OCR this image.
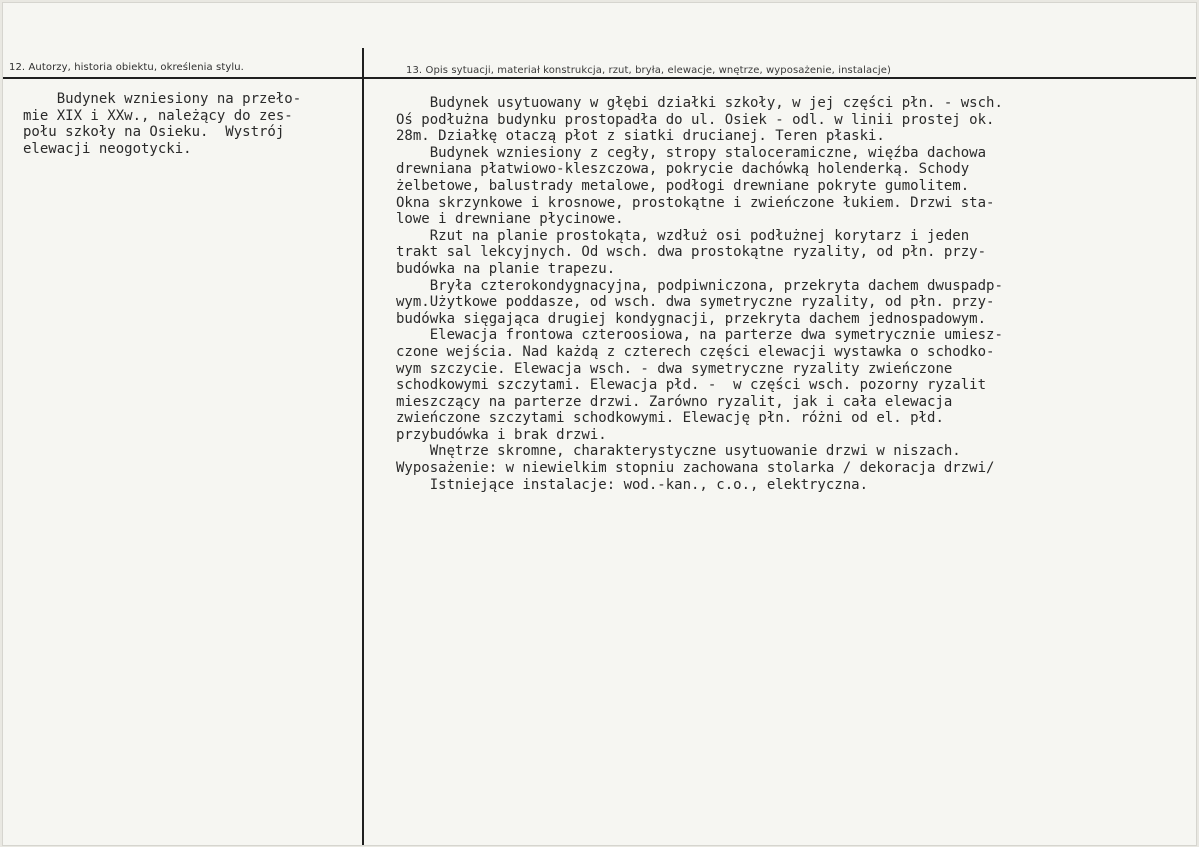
12. Autorzy, historia obiektu, określenia stylu.	13. Opis sytuacji, materiał konstrukcja, rzut, bryła, elewacje, wnętrze, wyposażenie, instalacje)
Budynek wzniesiony na przeło-
mie XIX i XXw., należący do zes-
połu szkoły na Osieku.  Wystrój
elewacji neogotycki.
Budynek usytuowany w głębi działki szkoły, w jej części płn. - wsch.
Oś podłużna budynku prostopadła do ul. Osiek - odl. w linii prostej ok.
28m. Działkę otaczą płot z siatki drucianej. Teren płaski.
Budynek wzniesiony z cegły, stropy staloceramiczne, więźba dachowa
drewniana płatwiowo-kleszczowa, pokrycie dachówką holenderką. Schody
żelbetowe, balustrady metalowe, podłogi drewniane pokryte gumolitem.
Okna skrzynkowe i krosnowe, prostokątne i zwieńczone łukiem. Drzwi sta-
lowe i drewniane płycinowe.
Rzut na planie prostokąta, wzdłuż osi podłużnej korytarz i jeden
trakt sal lekcyjnych. Od wsch. dwa prostokątne ryzality, od płn. przy-
budówka na planie trapezu.
Bryła czterokondygnacyjna, podpiwniczona, przekryta dachem dwuspadp-
wym.Użytkowe poddasze, od wsch. dwa symetryczne ryzality, od płn. przy-
budówka sięgająca drugiej kondygnacji, przekryta dachem jednospadowym.
Elewacja frontowa czteroosiowa, na parterze dwa symetrycznie umiesz-
czone wejścia. Nad każdą z czterech części elewacji wystawka o schodko-
wym szczycie. Elewacja wsch. - dwa symetryczne ryzality zwieńczone
schodkowymi szczytami. Elewacja płd. -  w części wsch. pozorny ryzalit
mieszczący na parterze drzwi. Zarówno ryzalit, jak i cała elewacja
zwieńczone szczytami schodkowymi. Elewację płn. różni od el. płd.
przybudówka i brak drzwi.
Wnętrze skromne, charakterystyczne usytuowanie drzwi w niszach.
Wyposażenie: w niewielkim stopniu zachowana stolarka / dekoracja drzwi/
Istniejące instalacje: wod.-kan., c.o., elektryczna.
